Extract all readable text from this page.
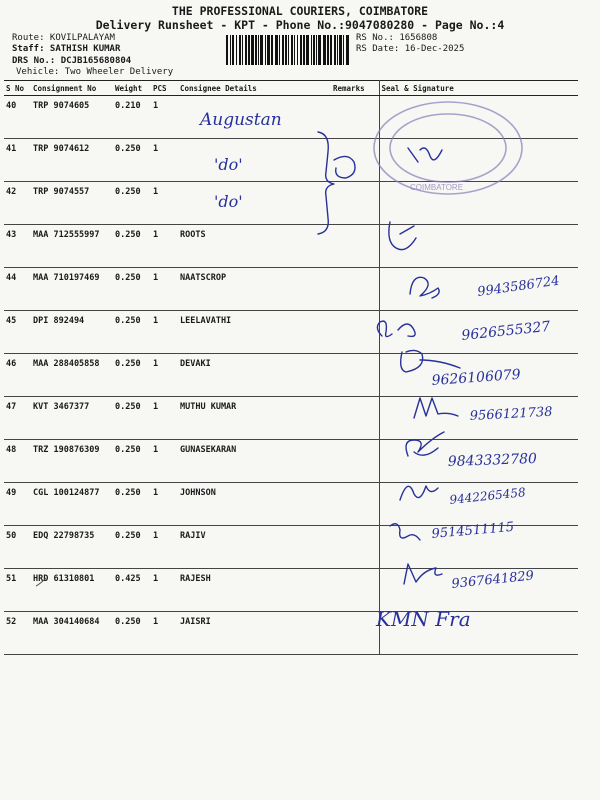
THE PROFESSIONAL COURIERS, COIMBATORE
Delivery Runsheet - KPT - Phone No.:9047080280 - Page No.:4
Route: KOVILPALAYAM
Staff: SATHISH KUMAR
DRS No.: DCJB165680804
Vehicle: Two Wheeler Delivery
RS No.: 1656808
RS Date: 16-Dec-2025
S No	Consignment No	Weight	PCS	Consignee Details	Remarks	Seal & Signature
40	TRP 9074605	0.210	1			
41	TRP 9074612	0.250	1			
42	TRP 9074557	0.250	1			
43	MAA 712555997	0.250	1	ROOTS		
44	MAA 710197469	0.250	1	NAATSCROP		
45	DPI 892494	0.250	1	LEELAVATHI		
46	MAA 288405858	0.250	1	DEVAKI		
47	KVT 3467377	0.250	1	MUTHU KUMAR		
48	TRZ 190876309	0.250	1	GUNASEKARAN		
49	CGL 100124877	0.250	1	JOHNSON		
50	EDQ 22798735	0.250	1	RAJIV		
51	HRD 61310801	0.425	1	RAJESH		
52	MAA 304140684	0.250	1	JAISRI		
COIMBATORE
Augustan
'do'
'do'
9943586724
9626555327
9626106079
9566121738
9843332780
9442265458
9514511115
9367641829
KMN Fra
